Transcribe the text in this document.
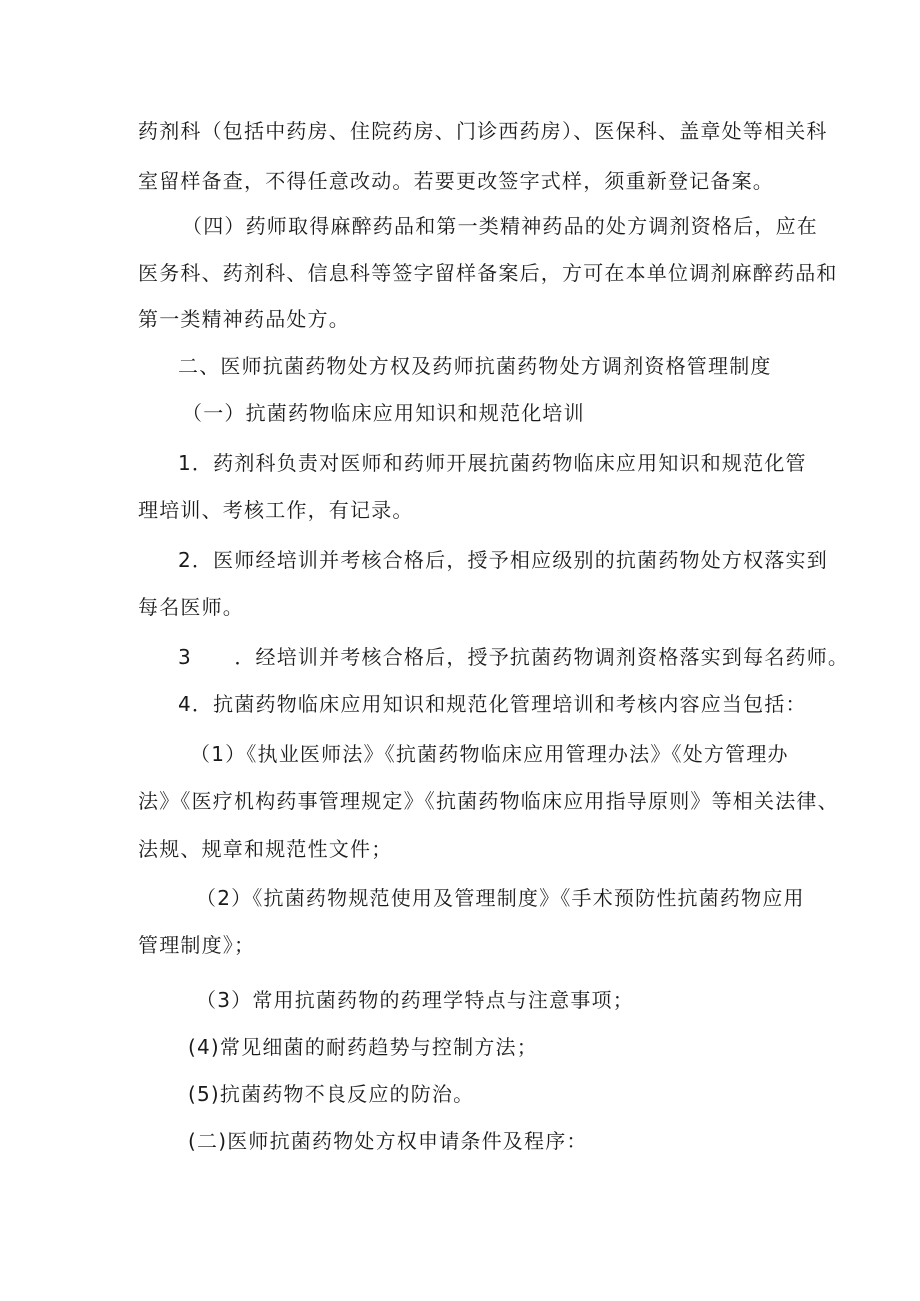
药剂科（包括中药房、住院药房、门诊西药房）、医保科、盖章处等相关科
室留样备查，不得任意改动。若要更改签字式样，须重新登记备案。
（四）药师取得麻醉药品和第一类精神药品的处方调剂资格后，应在
医务科、药剂科、信息科等签字留样备案后，方可在本单位调剂麻醉药品和
第一类精神药品处方。
二、医师抗菌药物处方权及药师抗菌药物处方调剂资格管理制度
（一）抗菌药物临床应用知识和规范化培训
1．药剂科负责对医师和药师开展抗菌药物临床应用知识和规范化管
理培训、考核工作，有记录。
2．医师经培训并考核合格后，授予相应级别的抗菌药物处方权落实到
每名医师。
3　　．经培训并考核合格后，授予抗菌药物调剂资格落实到每名药师。
4．抗菌药物临床应用知识和规范化管理培训和考核内容应当包括：
（1）《执业医师法》《抗菌药物临床应用管理办法》《处方管理办
法》《医疗机构药事管理规定》《抗菌药物临床应用指导原则》等相关法律、
法规、规章和规范性文件；
（2）《抗菌药物规范使用及管理制度》《手术预防性抗菌药物应用
管理制度》；
（3）常用抗菌药物的药理学特点与注意事项；
(4)常见细菌的耐药趋势与控制方法；
(5)抗菌药物不良反应的防治。
(二)医师抗菌药物处方权申请条件及程序：
